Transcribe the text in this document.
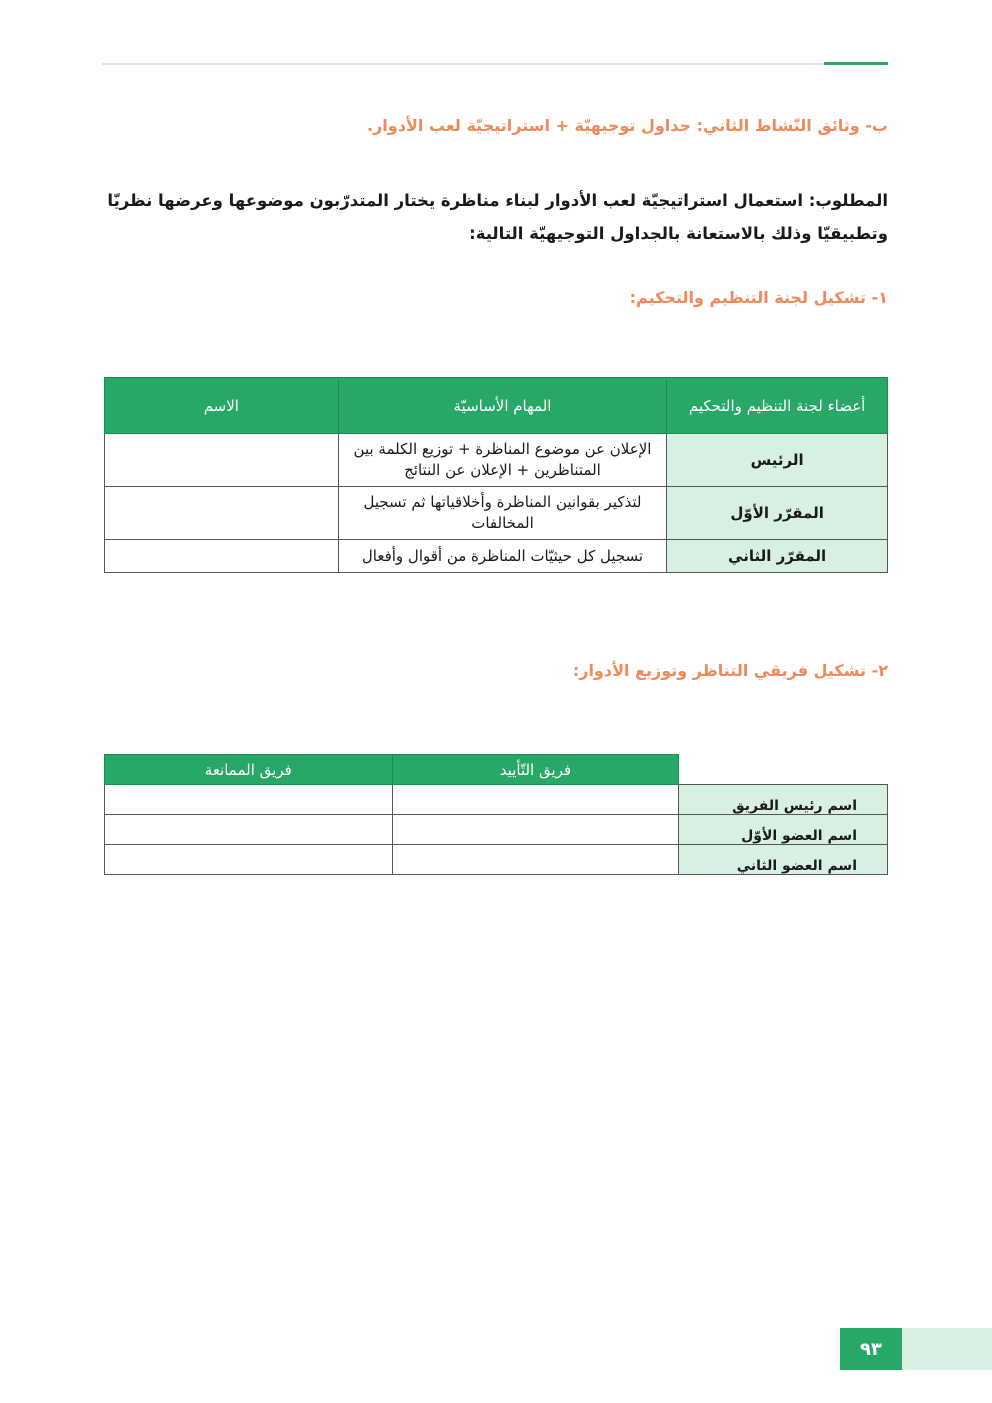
ب- وثائق النّشاط الثاني: جداول توجيهيّة + استراتيجيّة لعب الأدوار.
المطلوب: استعمال استراتيجيّة لعب الأدوار لبناء مناظرة يختار المتدرّبون موضوعها وعرضها نظريّا وتطبيقيّا وذلك بالاستعانة بالجداول التوجيهيّة التالية:
١- تشكيل لجنة التنظيم والتحكيم:
أعضاء لجنة التنظيم والتحكيم	المهام الأساسيّة	الاسم
الرئيس	الإعلان عن موضوع المناظرة + توزيع الكلمة بين المتناظرين + الإعلان عن النتائج	
المقرّر الأوّل	لتذكير بقوانين المناظرة وأخلاقياتها ثم تسجيل المخالفات	
المقرّر الثاني	تسجيل كل حيثيّات المناظرة من أقوال وأفعال	
٢- تشكيل فريقي التناظر وتوزيع الأدوار:
	فريق التّأييد	فريق الممانعة
اسم رئيس الفريق		
اسم العضو الأوّل		
اسم العضو الثاني		
٩٣
